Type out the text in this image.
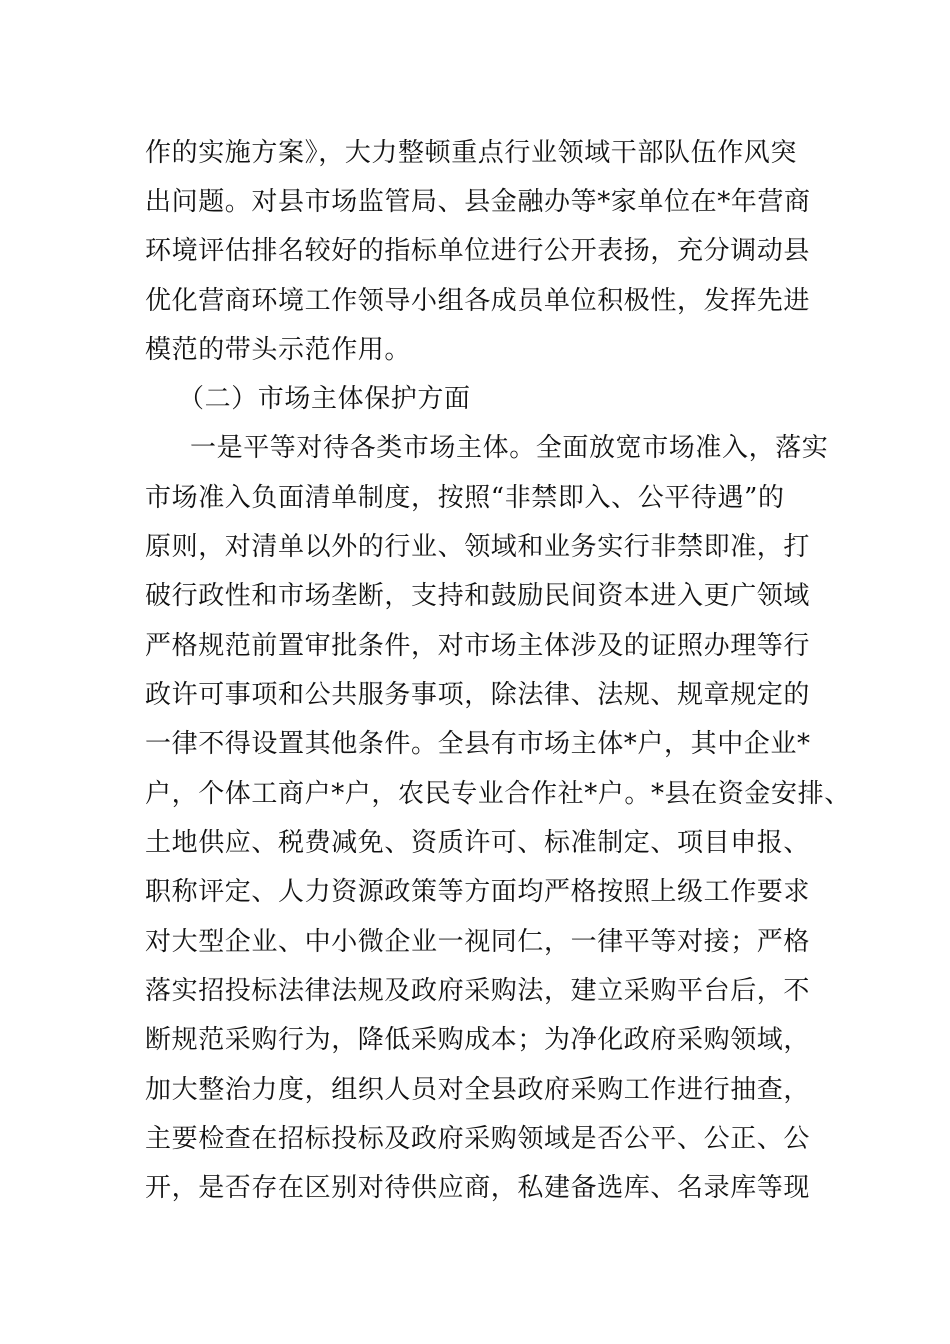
作的实施方案》，大力整顿重点行业领域干部队伍作风突
出问题。对县市场监管局、县金融办等*家单位在*年营商
环境评估排名较好的指标单位进行公开表扬，充分调动县
优化营商环境工作领导小组各成员单位积极性，发挥先进
模范的带头示范作用。
（二）市场主体保护方面
一是平等对待各类市场主体。全面放宽市场准入，落实
市场准入负面清单制度，按照“非禁即入、公平待遇”的
原则，对清单以外的行业、领域和业务实行非禁即准，打
破行政性和市场垄断，支持和鼓励民间资本进入更广领域
严格规范前置审批条件，对市场主体涉及的证照办理等行
政许可事项和公共服务事项，除法律、法规、规章规定的
一律不得设置其他条件。全县有市场主体*户，其中企业*
户，个体工商户*户，农民专业合作社*户。*县在资金安排、
土地供应、税费减免、资质许可、标准制定、项目申报、
职称评定、人力资源政策等方面均严格按照上级工作要求
对大型企业、中小微企业一视同仁，一律平等对接；严格
落实招投标法律法规及政府采购法，建立采购平台后，不
断规范采购行为，降低采购成本；为净化政府采购领域，
加大整治力度，组织人员对全县政府采购工作进行抽查，
主要检查在招标投标及政府采购领域是否公平、公正、公
开，是否存在区别对待供应商，私建备选库、名录库等现
